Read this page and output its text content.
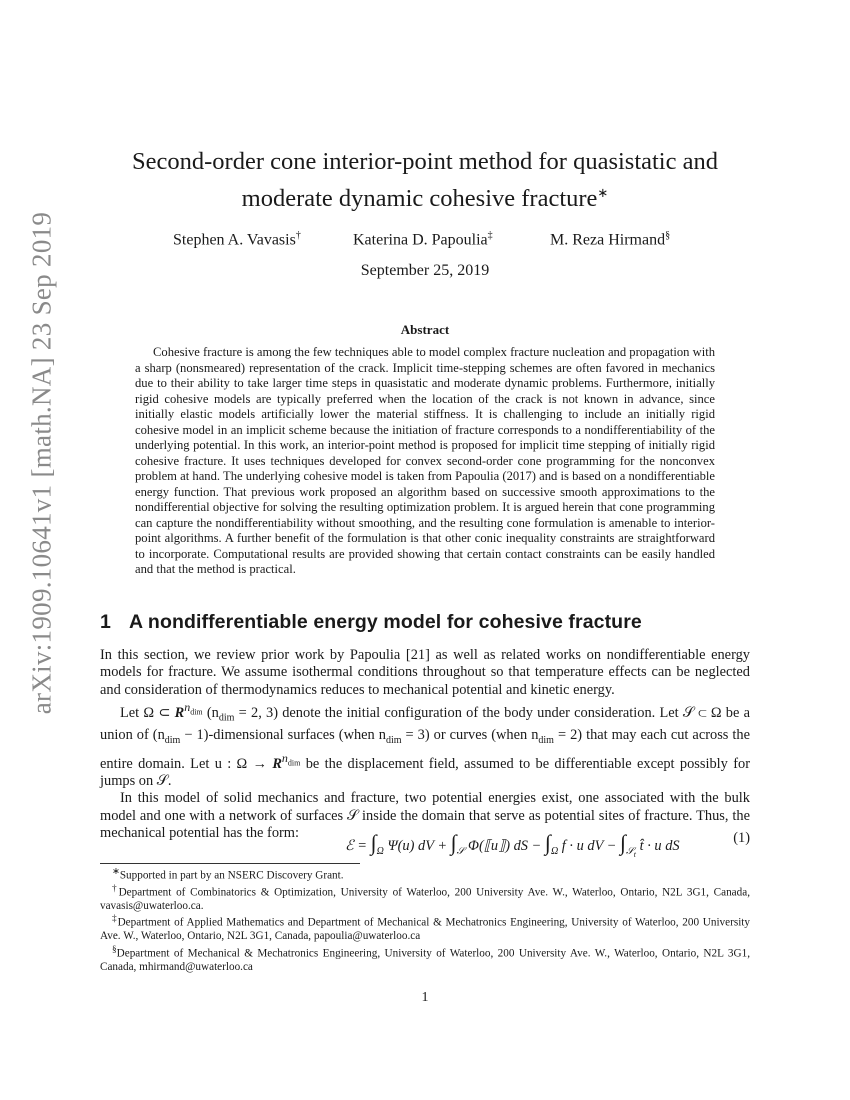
arXiv:1909.10641v1 [math.NA] 23 Sep 2019
Second-order cone interior-point method for quasistatic and
moderate dynamic cohesive fracture∗
Stephen A. Vavasis†	Katerina D. Papoulia‡	M. Reza Hirmand§
September 25, 2019
Abstract

Cohesive fracture is among the few techniques able to model complex fracture nucleation and propagation with a sharp (nonsmeared) representation of the crack. Implicit time-stepping schemes are often favored in mechanics due to their ability to take larger time steps in quasistatic and moderate dynamic problems. Furthermore, initially rigid cohesive models are typically preferred when the location of the crack is not known in advance, since initially elastic models artificially lower the material stiffness. It is challenging to include an initially rigid cohesive model in an implicit scheme because the initiation of fracture corresponds to a nondifferentiability of the underlying potential. In this work, an interior-point method is proposed for implicit time stepping of initially rigid cohesive fracture. It uses techniques developed for convex second-order cone programming for the nonconvex problem at hand. The underlying cohesive model is taken from Papoulia (2017) and is based on a nondifferentiable energy function. That previous work proposed an algorithm based on successive smooth approximations to the nondifferential objective for solving the resulting optimization problem. It is argued herein that cone programming can capture the nondifferentiability without smoothing, and the resulting cone formulation is amenable to interior-point algorithms. A further benefit of the formulation is that other conic inequality constraints are straightforward to incorporate. Computational results are provided showing that certain contact constraints can be easily handled and that the method is practical.

1 A nondifferentiable energy model for cohesive fracture

In this section, we review prior work by Papoulia [21] as well as related works on nondifferentiable energy models for fracture. We assume isothermal conditions throughout so that temperature effects can be neglected and consideration of thermodynamics reduces to mechanical potential and kinetic energy.

Let Ω ⊂ $R^{n_{dim}}$ ($n_{dim} = 2$, 3) denote the initial configuration of the body under consideration. Let 𝒮 ⊂ Ω be a union of ($n_{dim}$ − 1)-dimensional surfaces (when $n_{dim} = 3$) or curves (when $n_{dim} = 2$) that may each cut across the entire domain. Let u : $\Omega \to R^{n_{dim}}$ be the displacement field, assumed to be differentiable except possibly for jumps on 𝒮.

In this model of solid mechanics and fracture, two potential energies exist, one associated with the bulk model and one with a network of surfaces 𝒮 inside the domain that serve as potential sites of fracture. Thus, the mechanical potential has the form:

ℰ = $\int_\Omega$ Ψ(u) dV + $\int_𝒮$ Φ(⟦u⟧) dS − $\int_\Omega$ f · u dV − $\int_{𝒮_t}$ t̂ · u dS	(1)

∗Supported in part by an NSERC Discovery Grant.

†Department of Combinatorics & Optimization, University of Waterloo, 200 University Ave. W., Waterloo, Ontario, N2L 3G1, Canada, vavasis@uwaterloo.ca.

‡Department of Applied Mathematics and Department of Mechanical & Mechatronics Engineering, University of Waterloo, 200 University Ave. W., Waterloo, Ontario, N2L 3G1, Canada, papoulia@uwaterloo.ca

§Department of Mechanical & Mechatronics Engineering, University of Waterloo, 200 University Ave. W., Waterloo, Ontario, N2L 3G1, Canada, mhirmand@uwaterloo.ca

1
